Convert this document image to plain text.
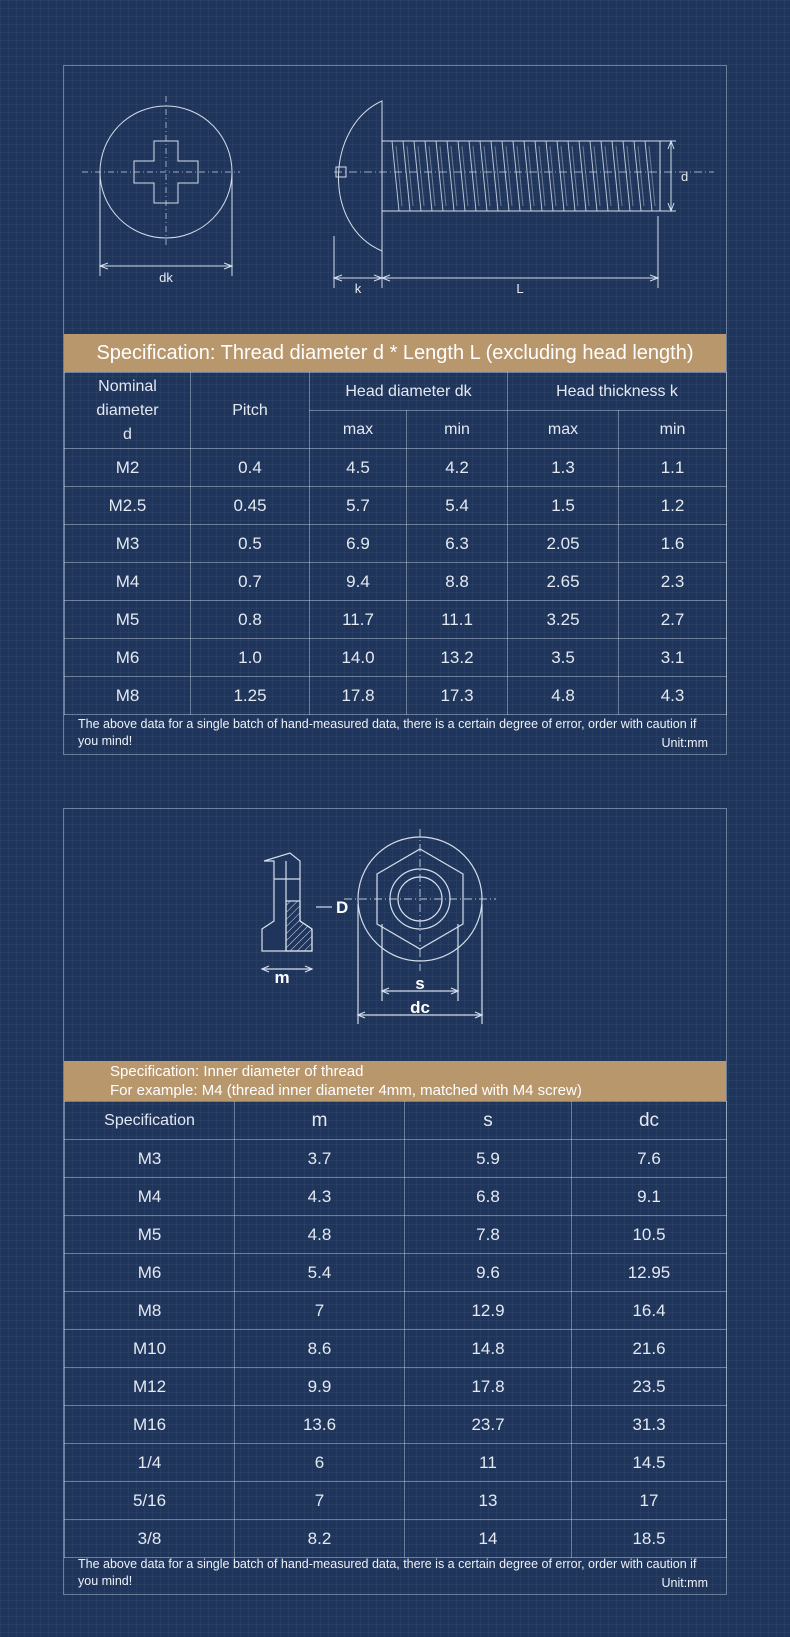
dk
k	L
d
Specification: Thread diameter d * Length L (excluding head length)
Nominal
diameter
d	Pitch	Head diameter dk		Head thickness k	
		max	min	max	min
M2	0.4	4.5	4.2	1.3	1.1
M2.5	0.45	5.7	5.4	1.5	1.2
M3	0.5	6.9	6.3	2.05	1.6
M4	0.7	9.4	8.8	2.65	2.3
M5	0.8	11.7	11.1	3.25	2.7
M6	1.0	14.0	13.2	3.5	3.1
M8	1.25	17.8	17.3	4.8	4.3
The above data for a single batch of hand-measured data, there is a certain degree of error, order with caution if you mind!	Unit:mm
m
D
s
dc
Specification: Inner diameter of thread
For example: M4 (thread inner diameter 4mm, matched with M4 screw)
Specification	m	s	dc
M3	3.7	5.9	7.6
M4	4.3	6.8	9.1
M5	4.8	7.8	10.5
M6	5.4	9.6	12.95
M8	7	12.9	16.4
M10	8.6	14.8	21.6
M12	9.9	17.8	23.5
M16	13.6	23.7	31.3
1/4	6	11	14.5
5/16	7	13	17
3/8	8.2	14	18.5
The above data for a single batch of hand-measured data, there is a certain degree of error, order with caution if you mind!	Unit:mm
